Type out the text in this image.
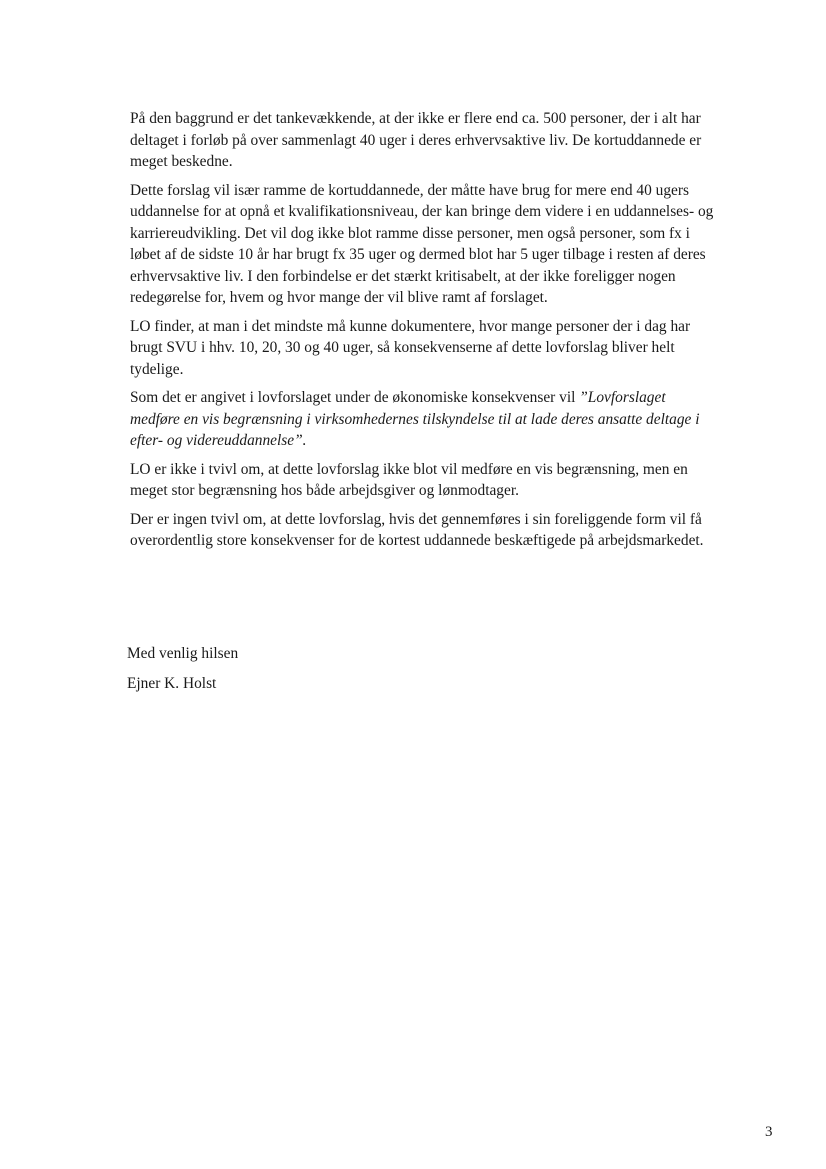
På den baggrund er det tankevækkende, at der ikke er flere end ca. 500 personer, der i alt har deltaget i forløb på over sammenlagt 40 uger i deres erhvervsaktive liv. De kortuddannede er meget beskedne.

Dette forslag vil især ramme de kortuddannede, der måtte have brug for mere end 40 ugers uddannelse for at opnå et kvalifikationsniveau, der kan bringe dem videre i en uddannelses- og karriereudvikling. Det vil dog ikke blot ramme disse personer, men også personer, som fx i løbet af de sidste 10 år har brugt fx 35 uger og dermed blot har 5 uger tilbage i resten af deres erhvervsaktive liv. I den forbindelse er det stærkt kritisabelt, at der ikke foreligger nogen redegørelse for, hvem og hvor mange der vil blive ramt af forslaget.

LO finder, at man i det mindste må kunne dokumentere, hvor mange personer der i dag har brugt SVU i hhv. 10, 20, 30 og 40 uger, så konsekvenserne af dette lovforslag bliver helt tydelige.

Som det er angivet i lovforslaget under de økonomiske konsekvenser vil ”Lovforslaget medføre en vis begrænsning i virksomhedernes tilskyndelse til at lade deres ansatte deltage i efter- og videreuddannelse”.

LO er ikke i tvivl om, at dette lovforslag ikke blot vil medføre en vis begrænsning, men en meget stor begrænsning hos både arbejdsgiver og lønmodtager.

Der er ingen tvivl om, at dette lovforslag, hvis det gennemføres i sin foreliggende form vil få overordentlig store konsekvenser for de kortest uddannede beskæftigede på arbejdsmarkedet.

Med venlig hilsen
Ejner K. Holst
3
